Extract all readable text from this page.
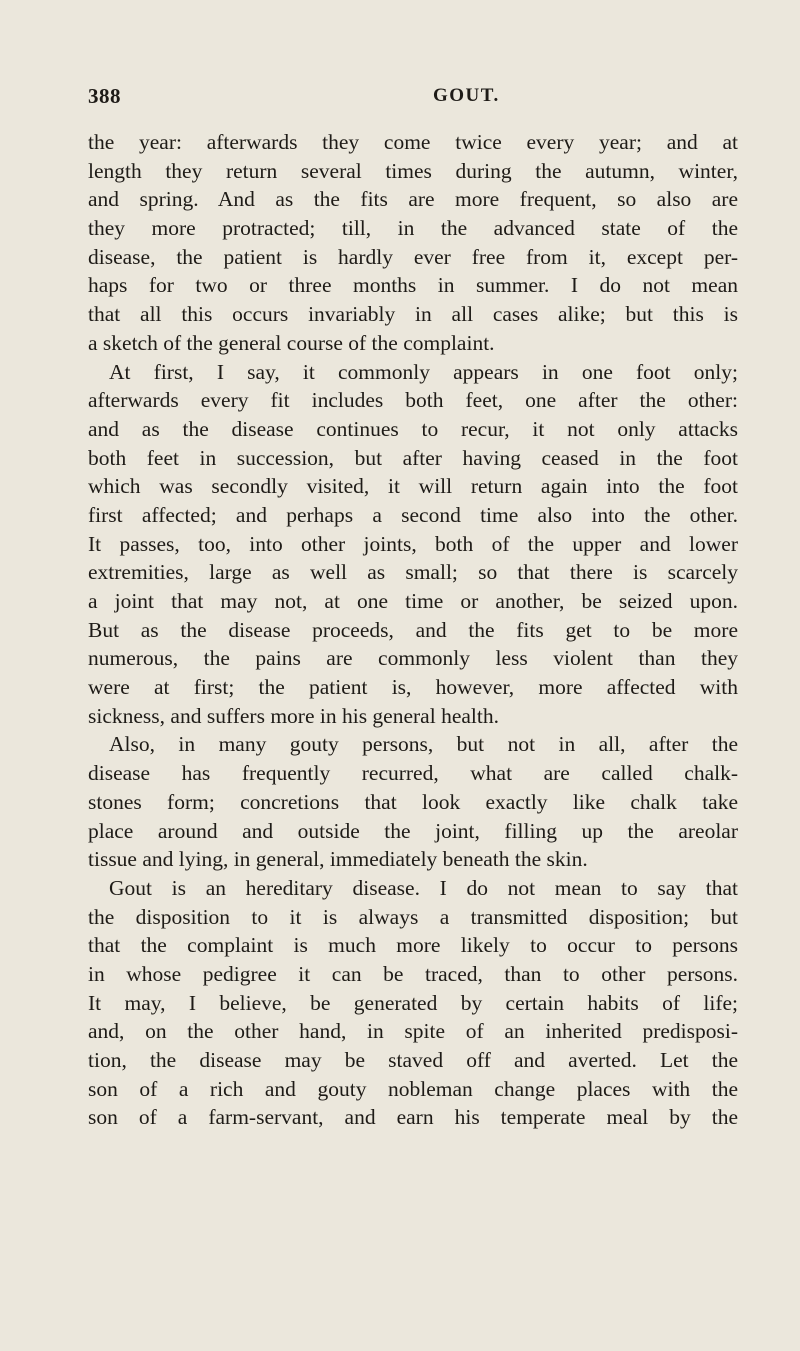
388	GOUT.
the year: afterwards they come twice every year; and at
length they return several times during the autumn, winter,
and spring. And as the fits are more frequent, so also are
they more protracted; till, in the advanced state of the
disease, the patient is hardly ever free from it, except per-
haps for two or three months in summer. I do not mean
that all this occurs invariably in all cases alike; but this is
a sketch of the general course of the complaint.
At first, I say, it commonly appears in one foot only;
afterwards every fit includes both feet, one after the other:
and as the disease continues to recur, it not only attacks
both feet in succession, but after having ceased in the foot
which was secondly visited, it will return again into the foot
first affected; and perhaps a second time also into the other.
It passes, too, into other joints, both of the upper and lower
extremities, large as well as small; so that there is scarcely
a joint that may not, at one time or another, be seized upon.
But as the disease proceeds, and the fits get to be more
numerous, the pains are commonly less violent than they
were at first; the patient is, however, more affected with
sickness, and suffers more in his general health.
Also, in many gouty persons, but not in all, after the
disease has frequently recurred, what are called chalk-
stones form; concretions that look exactly like chalk take
place around and outside the joint, filling up the areolar
tissue and lying, in general, immediately beneath the skin.
Gout is an hereditary disease. I do not mean to say that
the disposition to it is always a transmitted disposition; but
that the complaint is much more likely to occur to persons
in whose pedigree it can be traced, than to other persons.
It may, I believe, be generated by certain habits of life;
and, on the other hand, in spite of an inherited predisposi-
tion, the disease may be staved off and averted. Let the
son of a rich and gouty nobleman change places with the
son of a farm-servant, and earn his temperate meal by the
